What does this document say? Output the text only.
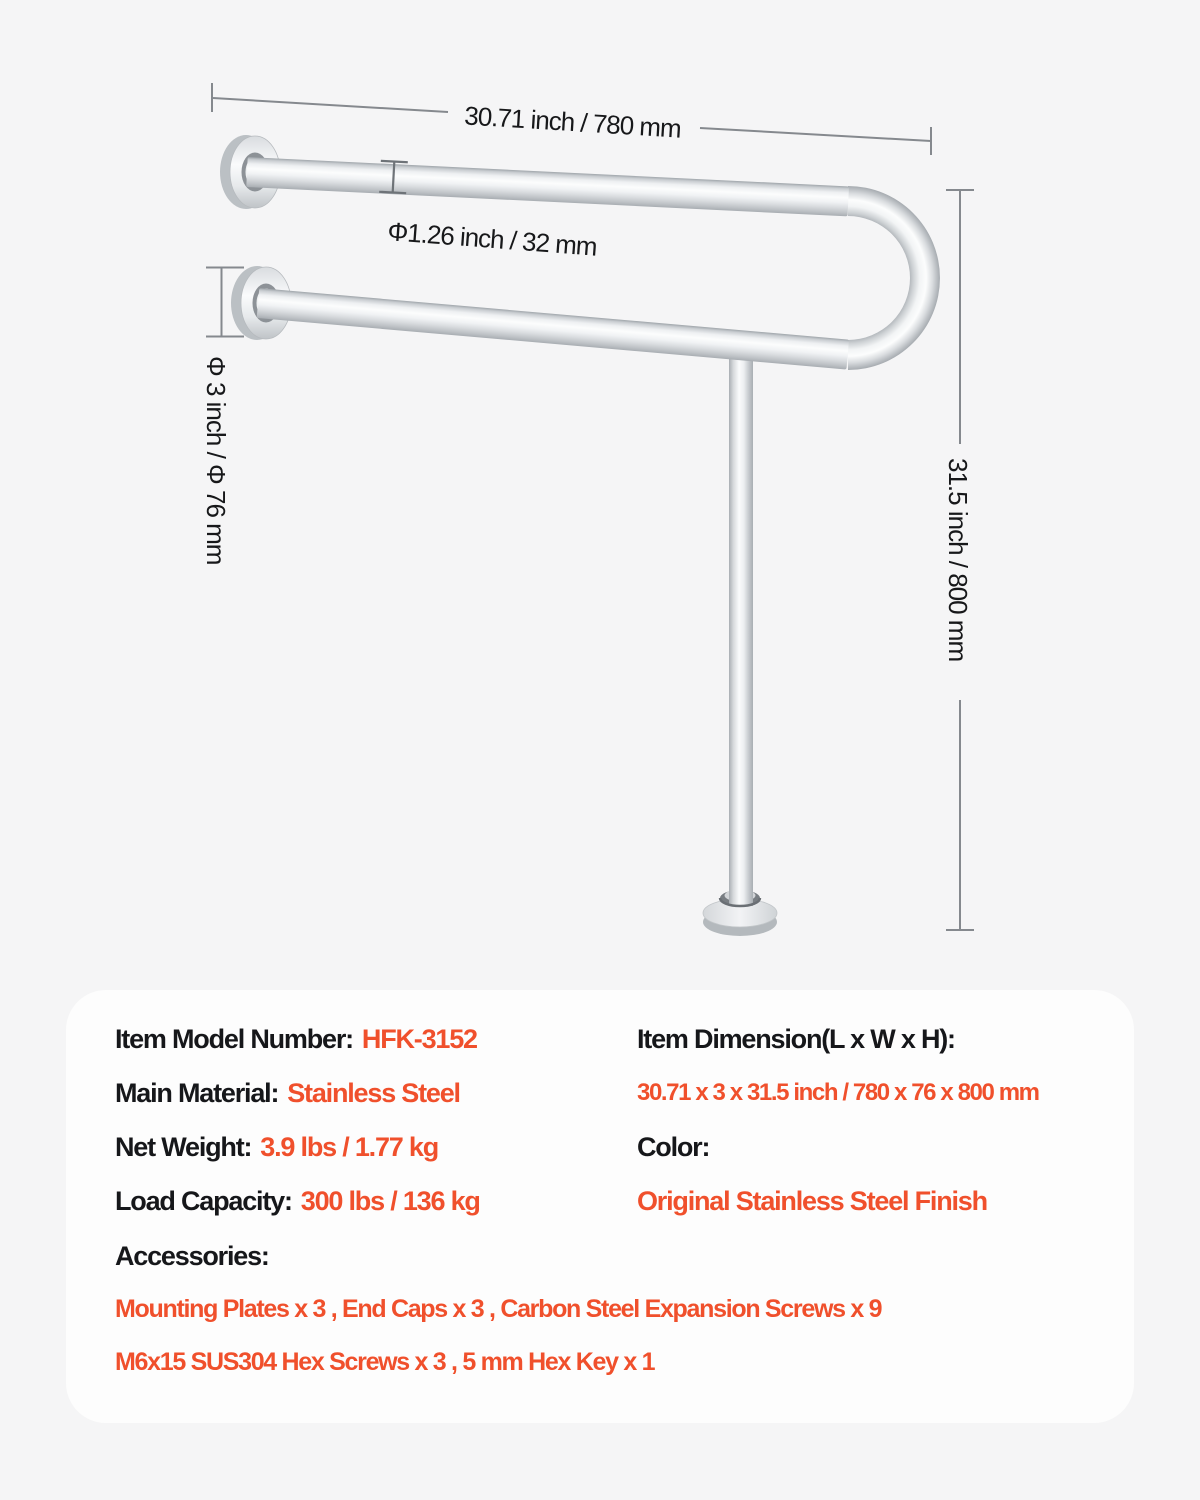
30.71 inch / 780 mm
Φ1.26 inch / 32 mm
Φ 3 inch / Φ 76 mm	31.5 inch / 800 mm
Item Model Number: HFK-3152
Main Material: Stainless Steel
Net Weight: 3.9 lbs / 1.77 kg
Load Capacity: 300 lbs / 136 kg
Item Dimension(L x W x H):
30.71 x 3 x 31.5 inch / 780 x 76 x 800 mm
Color:
Original Stainless Steel Finish
Accessories:
Mounting Plates x 3 , End Caps x 3 , Carbon Steel Expansion Screws x 9
M6x15 SUS304 Hex Screws x 3 , 5 mm Hex Key x 1
